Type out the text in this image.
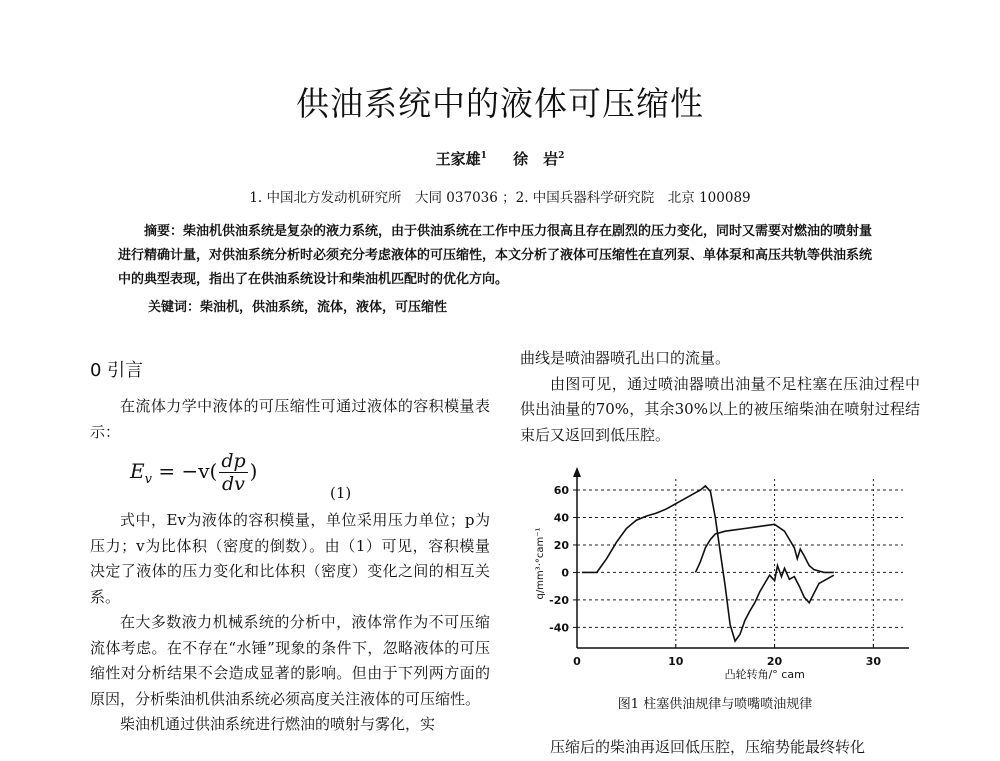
供油系统中的液体可压缩性
王家雄$^1$ 徐　岩$^2$
1. 中国北方发动机研究所　大同 037036 ；2. 中国兵器科学研究院　北京 100089
摘要：柴油机供油系统是复杂的液力系统，由于供油系统在工作中压力很高且存在剧烈的压力变化，同时又需要对燃油的喷射量进行精确计量，对供油系统分析时必须充分考虑液体的可压缩性，本文分析了液体可压缩性在直列泵、单体泵和高压共轨等供油系统中的典型表现，指出了在供油系统设计和柴油机匹配时的优化方向。
关键词：柴油机，供油系统，流体，液体，可压缩性
0 引言

在流体力学中液体的可压缩性可通过液体的容积模量表示：

$E_v = -v( \frac{dp}{dv}$ )
(1)

式中，Ev为液体的容积模量，单位采用压力单位；p为压力；v为比体积（密度的倒数）。由（1）可见，容积模量决定了液体的压力变化和比体积（密度）变化之间的相互关系。

在大多数液力机械系统的分析中，液体常作为不可压缩流体考虑。在不存在“水锤”现象的条件下，忽略液体的可压缩性对分析结果不会造成显著的影响。但由于下列两方面的原因，分析柴油机供油系统必须高度关注液体的可压缩性。

柴油机通过供油系统进行燃油的喷射与雾化，实

曲线是喷油器喷孔出口的流量。

由图可见，通过喷油器喷出油量不足柱塞在压油过程中供出油量的70%，其余30%以上的被压缩柴油在喷射过程结束后又返回到低压腔。

60
40
20
0
-20
-40
0	10	20	30
凸轮转角/° cam
q/mm³·°cam⁻¹
图1 柱塞供油规律与喷嘴喷油规律

压缩后的柴油再返回低压腔，压缩势能最终转化
